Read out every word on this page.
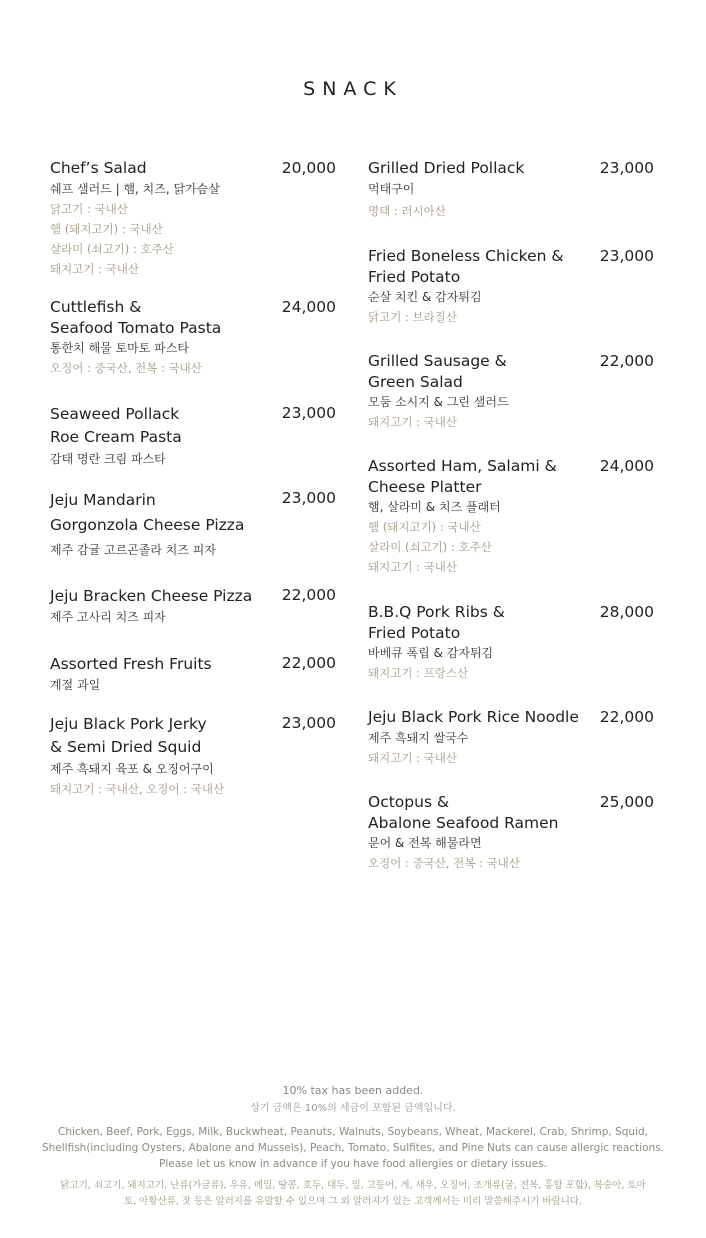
SNACK
Chef’s Salad	20,000
쉐프 샐러드 | 햄, 치즈, 닭가슴살
닭고기 : 국내산
햄 (돼지고기) : 국내산
살라미 (쇠고기) : 호주산
돼지고기 : 국내산
Cuttlefish &
Seafood Tomato Pasta
24,000
통한치 해물 토마토 파스타
오징어 : 중국산, 전복 : 국내산
Seaweed Pollack
Roe Cream Pasta
23,000
감태 명란 크림 파스타
Jeju Mandarin
Gorgonzola Cheese Pizza
23,000
제주 감귤 고르곤졸라 치즈 피자
Jeju Bracken Cheese Pizza	22,000
제주 고사리 치즈 피자
Assorted Fresh Fruits	22,000
계절 과일
Jeju Black Pork Jerky
& Semi Dried Squid
23,000
제주 흑돼지 육포 & 오징어구이
돼지고기 : 국내산, 오징어 : 국내산
Grilled Dried Pollack	23,000
먹태구이
명태 : 러시아산
Fried Boneless Chicken &
Fried Potato
23,000
순살 치킨 & 감자튀김
닭고기 : 브라질산
Grilled Sausage &
Green Salad
22,000
모둠 소시지 & 그린 샐러드
돼지고기 : 국내산
Assorted Ham, Salami &
Cheese Platter
24,000
햄, 살라미 & 치즈 플래터
햄 (돼지고기) : 국내산
살라미 (쇠고기) : 호주산
돼지고기 : 국내산
B.B.Q Pork Ribs &
Fried Potato
28,000
바베큐 폭립 & 감자튀김
돼지고기 : 프랑스산
Jeju Black Pork Rice Noodle	22,000
제주 흑돼지 쌀국수
돼지고기 : 국내산
Octopus &
Abalone Seafood Ramen
25,000
문어 & 전복 해물라면
오징어 : 중국산, 전복 : 국내산
10% tax has been added.
상기 금액은 10%의 세금이 포함된 금액입니다.
Chicken, Beef, Pork, Eggs, Milk, Buckwheat, Peanuts, Walnuts, Soybeans, Wheat, Mackerel, Crab, Shrimp, Squid, Shellfish(including Oysters, Abalone and Mussels), Peach, Tomato, Sulfites, and Pine Nuts can cause allergic reactions. Please let us know in advance if you have food allergies or dietary issues.
닭고기, 쇠고기, 돼지고기, 난류(가금류), 우유, 메밀, 땅콩, 호두, 대두, 밀, 고등어, 게, 새우, 오징어, 조개류(굴, 전복, 홍합 포함), 복숭아, 토마토, 아황산류, 잣 등은 알러지를 유발할 수 있으며 그 외 알러지가 있는 고객께서는 미리 말씀해주시기 바랍니다.
